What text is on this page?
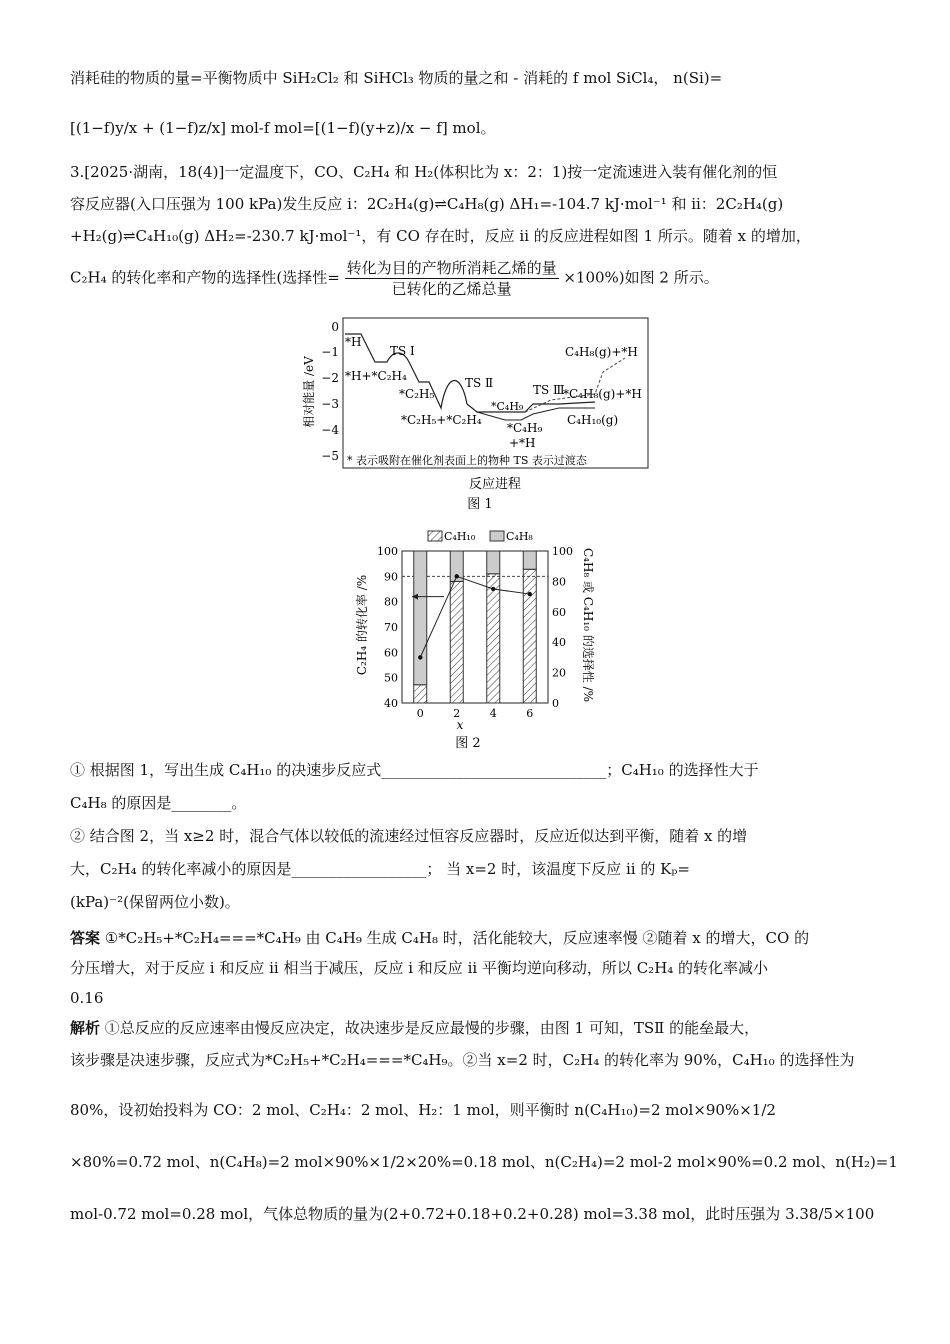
消耗硅的物质的量=平衡物质中 SiH₂Cl₂ 和 SiHCl₃ 物质的量之和 - 消耗的 f mol SiCl₄， n(Si)=
[(1−f)y/x + (1−f)z/x] mol-f mol=[(1−f)(y+z)/x − f] mol。
3.[2025·湖南，18(4)]一定温度下，CO、C₂H₄ 和 H₂(体积比为 x：2：1)按一定流速进入装有催化剂的恒
容反应器(入口压强为 100 kPa)发生反应 i：2C₂H₄(g)⇌C₄H₈(g) ΔH₁=-104.7 kJ·mol⁻¹ 和 ii：2C₂H₄(g)
+H₂(g)⇌C₄H₁₀(g) ΔH₂=-230.7 kJ·mol⁻¹，有 CO 存在时，反应 ii 的反应进程如图 1 所示。随着 x 的增加，
C₂H₄ 的转化率和产物的选择性(选择性= $\frac{\text{转化为目的产物所消耗乙烯的量}}{\text{已转化的乙烯总量}} \times 100\%$)如图 2 所示。
相对能量 /eV
0
−1
−2
−3
−4
−5
*H
*H+*C₂H₄
TS Ⅰ
*C₂H₅
TS Ⅱ
*C₂H₅+*C₂H₄
*C₄H₉
*C₄H₉
+*H
TS Ⅲ
C₄H₈(g)+*H
*C₄H₈(g)+*H
C₄H₁₀(g)
* 表示吸附在催化剂表面上的物种 TS 表示过渡态
反应进程
图 1
C₄H₁₀	C₄H₈
C₂H₄ 的转化率 /%	C₄H₈ 或 C₄H₁₀ 的选择性 /%
100
90
80
70
60
50
40
100
80
60
40
20
0
0	2	4	6
x
图 2
① 根据图 1，写出生成 C₄H₁₀ 的决速步反应式______________________________；C₄H₁₀ 的选择性大于
C₄H₈ 的原因是________。
② 结合图 2，当 x≥2 时，混合气体以较低的流速经过恒容反应器时，反应近似达到平衡，随着 x 的增
大，C₂H₄ 的转化率减小的原因是__________________； 当 x=2 时，该温度下反应 ii 的 Kₚ=
(kPa)⁻²(保留两位小数)。
答案 ①*C₂H₅+*C₂H₄===*C₄H₉ 由 C₄H₉ 生成 C₄H₈ 时，活化能较大，反应速率慢 ②随着 x 的增大，CO 的
分压增大，对于反应 i 和反应 ii 相当于减压，反应 i 和反应 ii 平衡均逆向移动，所以 C₂H₄ 的转化率减小
0.16
解析 ①总反应的反应速率由慢反应决定，故决速步是反应最慢的步骤，由图 1 可知，TSⅡ 的能垒最大，
该步骤是决速步骤，反应式为*C₂H₅+*C₂H₄===*C₄H₉。②当 x=2 时，C₂H₄ 的转化率为 90%，C₄H₁₀ 的选择性为
80%，设初始投料为 CO：2 mol、C₂H₄：2 mol、H₂：1 mol，则平衡时 n(C₄H₁₀)=2 mol×90%×1/2
×80%=0.72 mol、n(C₄H₈)=2 mol×90%×1/2×20%=0.18 mol、n(C₂H₄)=2 mol-2 mol×90%=0.2 mol、n(H₂)=1
mol-0.72 mol=0.28 mol，气体总物质的量为(2+0.72+0.18+0.2+0.28) mol=3.38 mol，此时压强为 3.38/5×100
